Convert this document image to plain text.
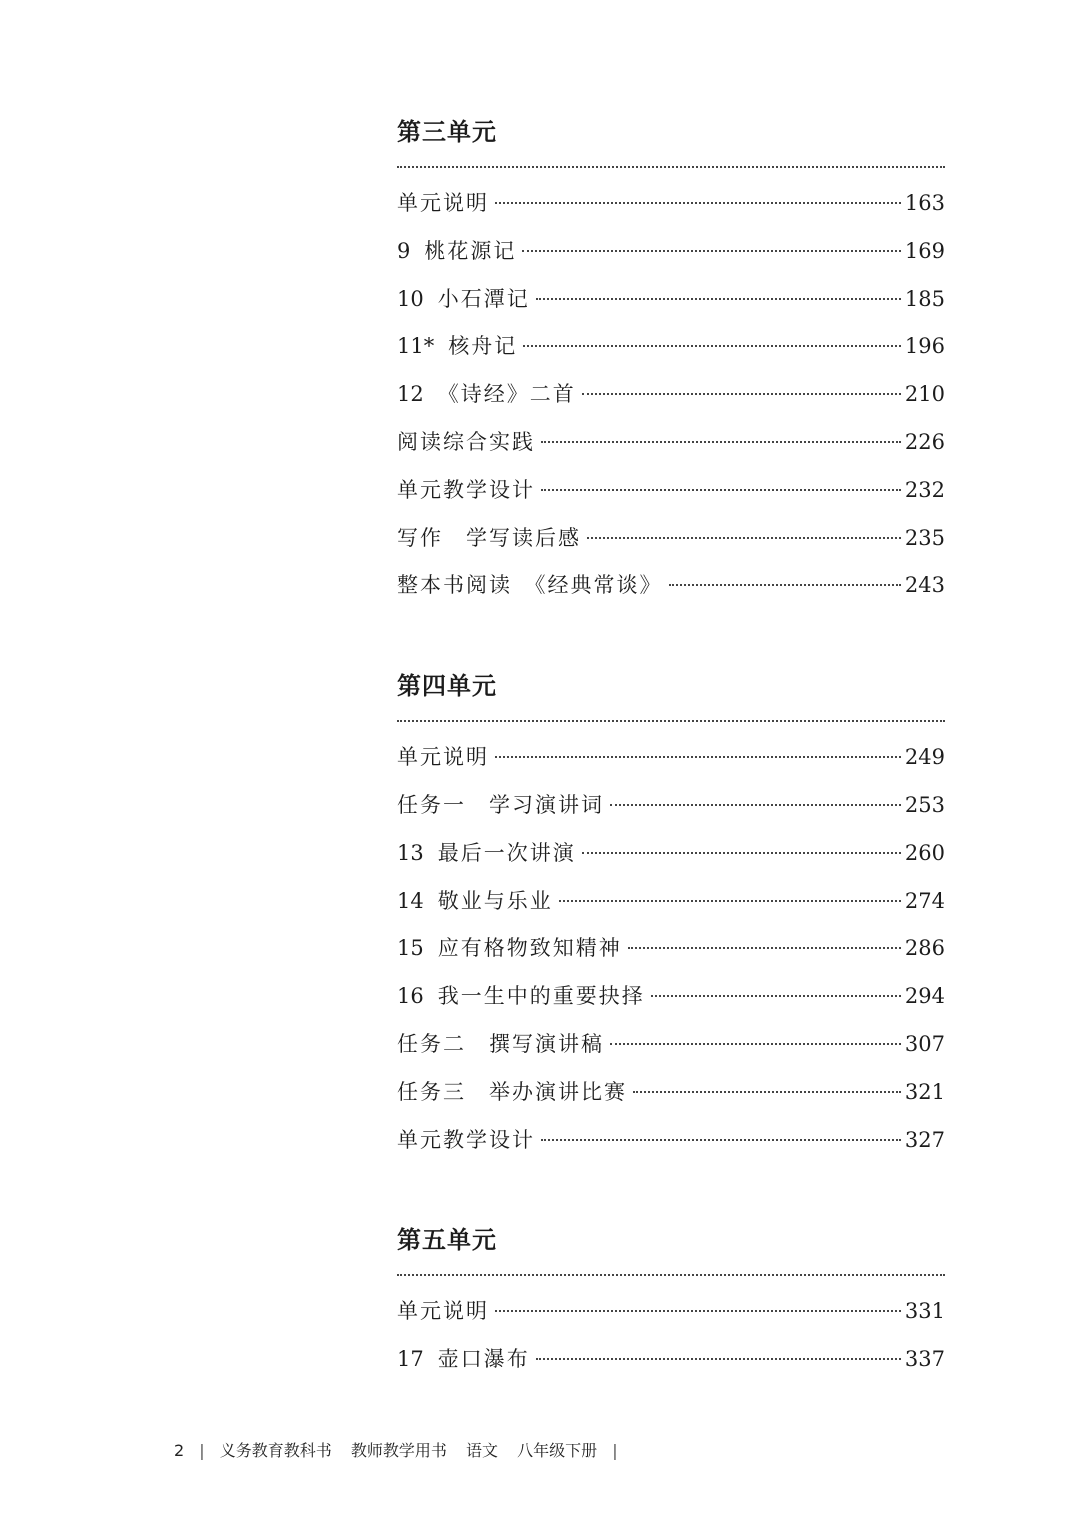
第三单元
单元说明	163
9 桃花源记	169
10 小石潭记	185
11* 核舟记	196
12 《诗经》二首	210
阅读综合实践	226
单元教学设计	232
写作　学写读后感	235
整本书阅读　《经典常谈》	243
第四单元
单元说明	249
任务一　学习演讲词	253
13 最后一次讲演	260
14 敬业与乐业	274
15 应有格物致知精神	286
16 我一生中的重要抉择	294
任务二　撰写演讲稿	307
任务三　举办演讲比赛	321
单元教学设计	327
第五单元
单元说明	331
17 壶口瀑布	337
2 | 义务教育教科书 教师教学用书 语文 八年级下册 |
